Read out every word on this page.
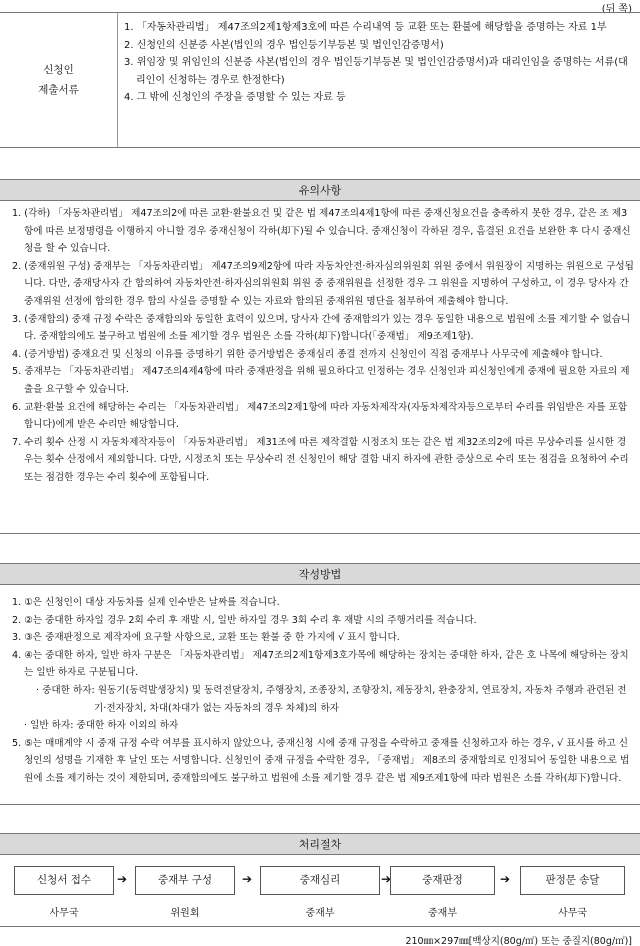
(뒤 쪽)
신청인
제출서류
1. 「자동차관리법」 제47조의2제1항제3호에 따른 수리내역 등 교환 또는 환불에 해당함을 증명하는 자료 1부
2. 신청인의 신분증 사본(법인의 경우 법인등기부등본 및 법인인감증명서)
3. 위임장 및 위임인의 신분증 사본(법인의 경우 법인등기부등본 및 법인인감증명서)과 대리인임을 증명하는 서류(대리인이 신청하는 경우로 한정한다)
4. 그 밖에 신청인의 주장을 증명할 수 있는 자료 등
유의사항
1. (각하) 「자동차관리법」 제47조의2에 따른 교환·환불요건 및 같은 법 제47조의4제1항에 따른 중재신청요건을 충족하지 못한 경우, 같은 조 제3항에 따른 보정명령을 이행하지 아니할 경우 중재신청이 각하(却下)될 수 있습니다. 중재신청이 각하된 경우, 흠결된 요건을 보완한 후 다시 중재신청을 할 수 있습니다.
2. (중재위원 구성) 중재부는 「자동차관리법」 제47조의9제2항에 따라 자동차안전·하자심의위원회 위원 중에서 위원장이 지명하는 위원으로 구성됩니다. 다만, 중재당사자 간 합의하여 자동차안전·하자심의위원회 위원 중 중재위원을 선정한 경우 그 위원을 지명하여 구성하고, 이 경우 당사자 간 중재위원 선정에 합의한 경우 합의 사실을 증명할 수 있는 자료와 합의된 중재위원 명단을 첨부하여 제출해야 합니다.
3. (중재합의) 중재 규정 수락은 중재합의와 동일한 효력이 있으며, 당사자 간에 중재합의가 있는 경우 동일한 내용으로 법원에 소를 제기할 수 없습니다. 중재합의에도 불구하고 법원에 소를 제기할 경우 법원은 소를 각하(却下)합니다(「중재법」 제9조제1항).
4. (증거방법) 중재요건 및 신청의 이유를 증명하기 위한 증거방법은 중재심리 종결 전까지 신청인이 직접 중재부나 사무국에 제출해야 합니다.
5. 중재부는 「자동차관리법」 제47조의4제4항에 따라 중재판정을 위해 필요하다고 인정하는 경우 신청인과 피신청인에게 중재에 필요한 자료의 제출을 요구할 수 있습니다.
6. 교환·환불 요건에 해당하는 수리는 「자동차관리법」 제47조의2제1항에 따라 자동차제작자(자동차제작자등으로부터 수리를 위임받은 자를 포함합니다)에게 받은 수리만 해당합니다.
7. 수리 횟수 산정 시 자동차제작자등이 「자동차관리법」 제31조에 따른 제작결함 시정조치 또는 같은 법 제32조의2에 따른 무상수리를 실시한 경우는 횟수 산정에서 제외합니다. 다만, 시정조치 또는 무상수리 전 신청인이 해당 결함 내지 하자에 관한 증상으로 수리 또는 점검을 요청하여 수리 또는 점검한 경우는 수리 횟수에 포함됩니다.
작성방법
1. ①은 신청인이 대상 자동차를 실제 인수받은 날짜를 적습니다.
2. ②는 중대한 하자일 경우 2회 수리 후 재발 시, 일반 하자일 경우 3회 수리 후 재발 시의 주행거리를 적습니다.
3. ③은 중재판정으로 제작자에 요구할 사항으로, 교환 또는 환불 중 한 가지에 √ 표시 합니다.
4. ④는 중대한 하자, 일반 하자 구분은 「자동차관리법」 제47조의2제1항제3호가목에 해당하는 장치는 중대한 하자, 같은 호 나목에 해당하는 장치는 일반 하자로 구분됩니다.
· 중대한 하자: 원동기(동력발생장치) 및 동력전달장치, 주행장치, 조종장치, 조향장치, 제동장치, 완충장치, 연료장치, 자동차 주행과 관련된 전기·전자장치, 차대(차대가 없는 자동차의 경우 차체)의 하자
· 일반 하자: 중대한 하자 이외의 하자
5. ⑤는 매매계약 시 중재 규정 수락 여부를 표시하지 않았으나, 중재신청 시에 중재 규정을 수락하고 중재를 신청하고자 하는 경우, √ 표시를 하고 신청인의 성명을 기재한 후 날인 또는 서명합니다. 신청인이 중재 규정을 수락한 경우, 「중재법」 제8조의 중재합의로 인정되어 동일한 내용으로 법원에 소를 제기하는 것이 제한되며, 중재합의에도 불구하고 법원에 소를 제기할 경우 같은 법 제9조제1항에 따라 법원은 소를 각하(却下)합니다.
처리절차
신청서 접수	➔	중재부 구성	➔	중재심리	➔	중재판정	➔	판정문 송달
사무국	위원회	중재부	중재부	사무국
210㎜×297㎜[백상지(80g/㎡) 또는 중질지(80g/㎡)]
